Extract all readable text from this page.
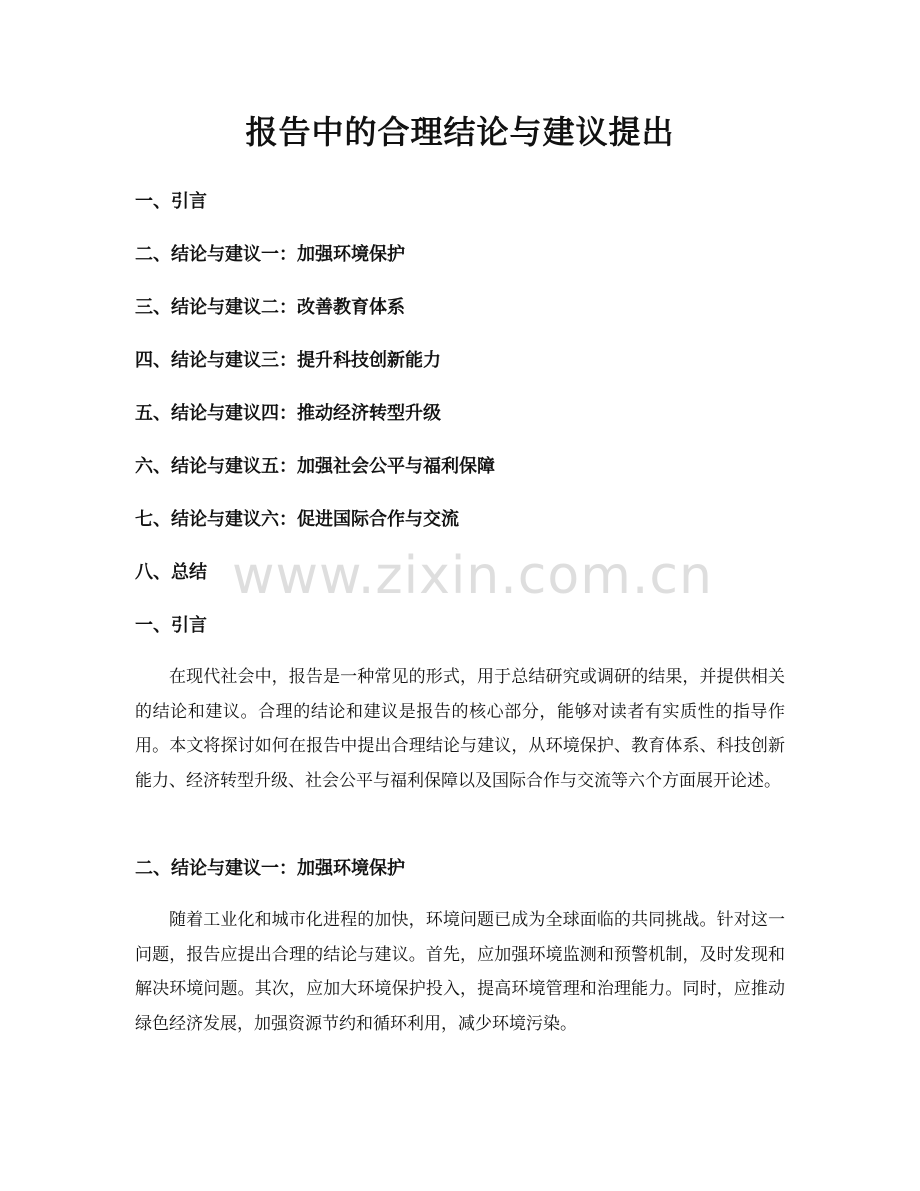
报告中的合理结论与建议提出
一、引言
二、结论与建议一：加强环境保护
三、结论与建议二：改善教育体系
四、结论与建议三：提升科技创新能力
五、结论与建议四：推动经济转型升级
六、结论与建议五：加强社会公平与福利保障
七、结论与建议六：促进国际合作与交流
八、总结
一、引言

在现代社会中，报告是一种常见的形式，用于总结研究或调研的结果，并提供相关的结论和建议。合理的结论和建议是报告的核心部分，能够对读者有实质性的指导作用。本文将探讨如何在报告中提出合理结论与建议，从环境保护、教育体系、科技创新能力、经济转型升级、社会公平与福利保障以及国际合作与交流等六个方面展开论述。

二、结论与建议一：加强环境保护

随着工业化和城市化进程的加快，环境问题已成为全球面临的共同挑战。针对这一问题，报告应提出合理的结论与建议。首先，应加强环境监测和预警机制，及时发现和解决环境问题。其次，应加大环境保护投入，提高环境管理和治理能力。同时，应推动绿色经济发展，加强资源节约和循环利用，减少环境污染。

www.zixin.com.cn
